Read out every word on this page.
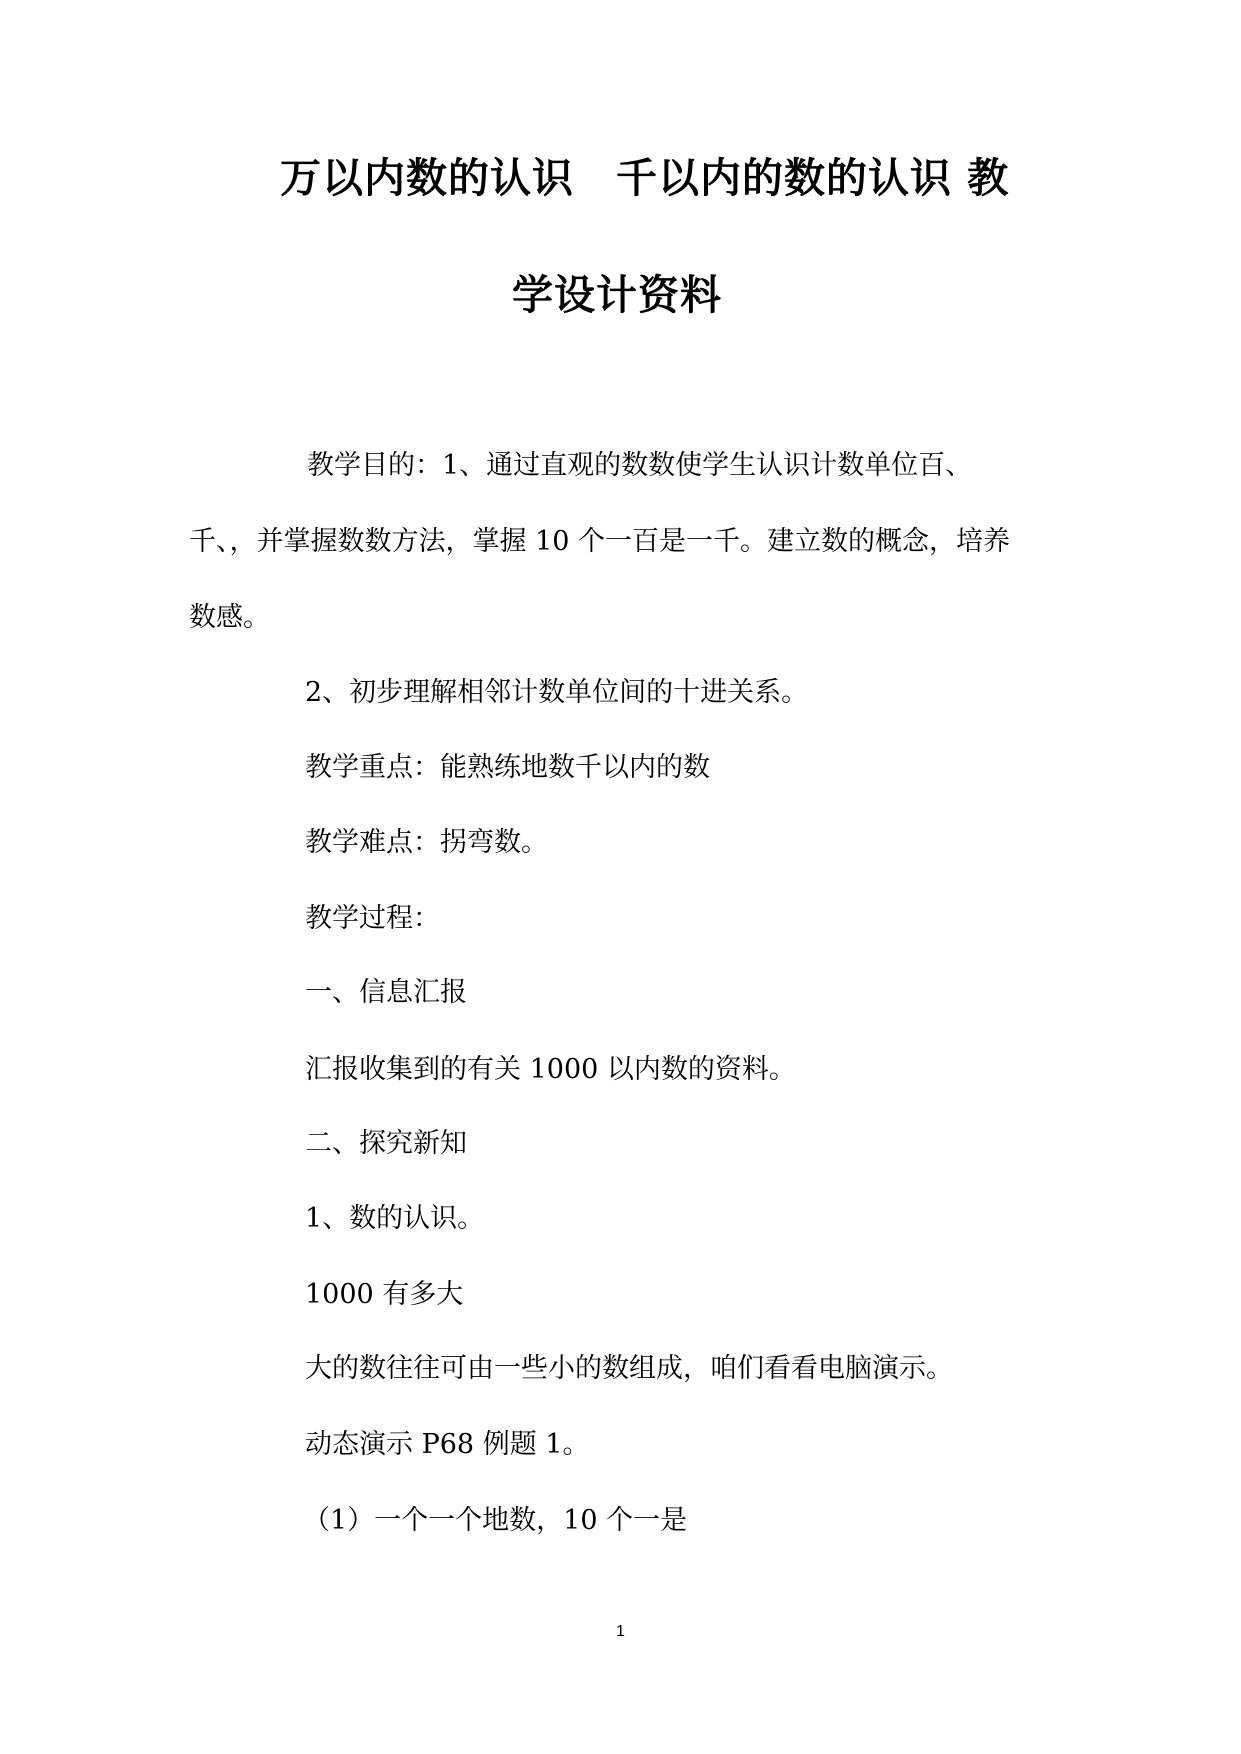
万以内数的认识　千以内的数的认识 教
学设计资料

教学目的：1、通过直观的数数使学生认识计数单位百、

千、，并掌握数数方法，掌握 10 个一百是一千。建立数的概念，培养

数感。

2、初步理解相邻计数单位间的十进关系。

教学重点：能熟练地数千以内的数

教学难点：拐弯数。

教学过程：

一、信息汇报

汇报收集到的有关 1000 以内数的资料。

二、探究新知

1、数的认识。

1000 有多大

大的数往往可由一些小的数组成，咱们看看电脑演示。

动态演示 P68 例题 1。

（1）一个一个地数，10 个一是

1
